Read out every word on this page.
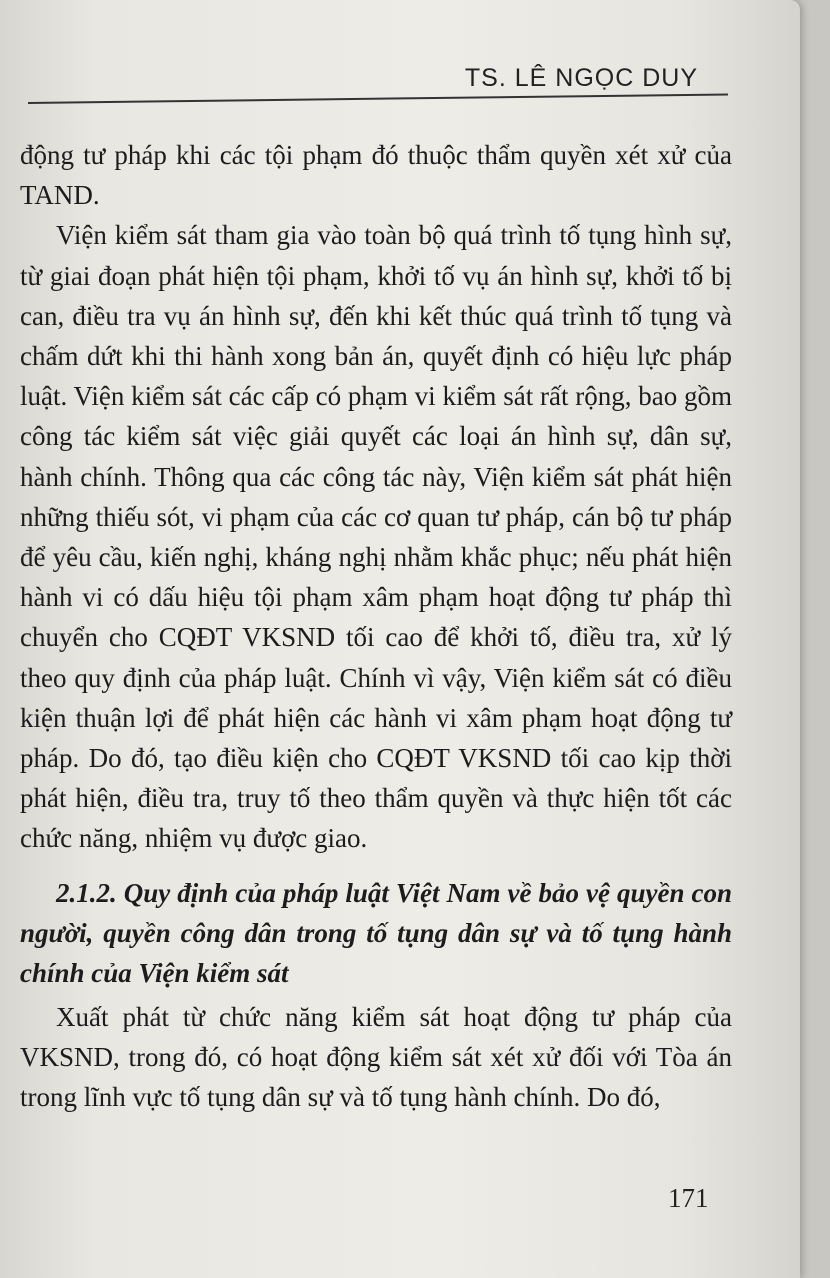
TS. LÊ NGỌC DUY

động tư pháp khi các tội phạm đó thuộc thẩm quyền xét xử của TAND.

Viện kiểm sát tham gia vào toàn bộ quá trình tố tụng hình sự, từ giai đoạn phát hiện tội phạm, khởi tố vụ án hình sự, khởi tố bị can, điều tra vụ án hình sự, đến khi kết thúc quá trình tố tụng và chấm dứt khi thi hành xong bản án, quyết định có hiệu lực pháp luật. Viện kiểm sát các cấp có phạm vi kiểm sát rất rộng, bao gồm công tác kiểm sát việc giải quyết các loại án hình sự, dân sự, hành chính. Thông qua các công tác này, Viện kiểm sát phát hiện những thiếu sót, vi phạm của các cơ quan tư pháp, cán bộ tư pháp để yêu cầu, kiến nghị, kháng nghị nhằm khắc phục; nếu phát hiện hành vi có dấu hiệu tội phạm xâm phạm hoạt động tư pháp thì chuyển cho CQĐT VKSND tối cao để khởi tố, điều tra, xử lý theo quy định của pháp luật. Chính vì vậy, Viện kiểm sát có điều kiện thuận lợi để phát hiện các hành vi xâm phạm hoạt động tư pháp. Do đó, tạo điều kiện cho CQĐT VKSND tối cao kịp thời phát hiện, điều tra, truy tố theo thẩm quyền và thực hiện tốt các chức năng, nhiệm vụ được giao.

2.1.2. Quy định của pháp luật Việt Nam về bảo vệ quyền con người, quyền công dân trong tố tụng dân sự và tố tụng hành chính của Viện kiểm sát

Xuất phát từ chức năng kiểm sát hoạt động tư pháp của VKSND, trong đó, có hoạt động kiểm sát xét xử đối với Tòa án trong lĩnh vực tố tụng dân sự và tố tụng hành chính. Do đó,

171
